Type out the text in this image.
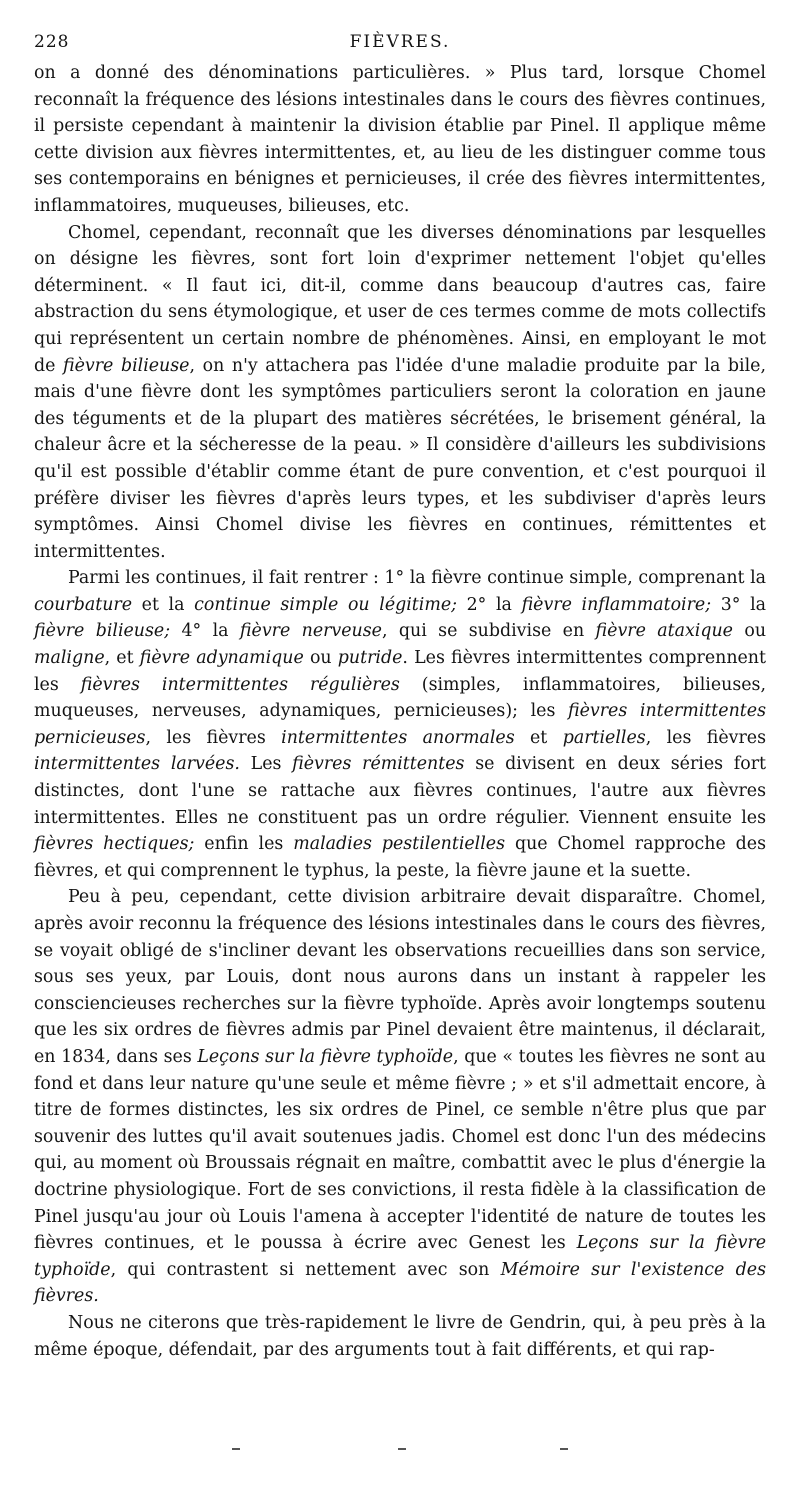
228	FIÈVRES.

on a donné des dénominations particulières. » Plus tard, lorsque Chomel reconnaît la fréquence des lésions intestinales dans le cours des fièvres continues, il persiste cependant à maintenir la division établie par Pinel. Il applique même cette division aux fièvres intermittentes, et, au lieu de les distinguer comme tous ses contemporains en bénignes et pernicieuses, il crée des fièvres intermittentes, inflammatoires, muqueuses, bilieuses, etc.

Chomel, cependant, reconnaît que les diverses dénominations par lesquelles on désigne les fièvres, sont fort loin d'exprimer nettement l'objet qu'elles déterminent. « Il faut ici, dit-il, comme dans beaucoup d'autres cas, faire abstraction du sens étymologique, et user de ces termes comme de mots collectifs qui représentent un certain nombre de phénomènes. Ainsi, en employant le mot de fièvre bilieuse, on n'y attachera pas l'idée d'une maladie produite par la bile, mais d'une fièvre dont les symptômes particuliers seront la coloration en jaune des téguments et de la plupart des matières sécrétées, le brisement général, la chaleur âcre et la sécheresse de la peau. » Il considère d'ailleurs les subdivisions qu'il est possible d'établir comme étant de pure convention, et c'est pourquoi il préfère diviser les fièvres d'après leurs types, et les subdiviser d'après leurs symptômes. Ainsi Chomel divise les fièvres en continues, rémittentes et intermittentes.

Parmi les continues, il fait rentrer : 1° la fièvre continue simple, comprenant la courbature et la continue simple ou légitime; 2° la fièvre inflammatoire; 3° la fièvre bilieuse; 4° la fièvre nerveuse, qui se subdivise en fièvre ataxique ou maligne, et fièvre adynamique ou putride. Les fièvres intermittentes comprennent les fièvres intermittentes régulières (simples, inflammatoires, bilieuses, muqueuses, nerveuses, adynamiques, pernicieuses); les fièvres intermittentes pernicieuses, les fièvres intermittentes anormales et partielles, les fièvres intermittentes larvées. Les fièvres rémittentes se divisent en deux séries fort distinctes, dont l'une se rattache aux fièvres continues, l'autre aux fièvres intermittentes. Elles ne constituent pas un ordre régulier. Viennent ensuite les fièvres hectiques; enfin les maladies pestilentielles que Chomel rapproche des fièvres, et qui comprennent le typhus, la peste, la fièvre jaune et la suette.

Peu à peu, cependant, cette division arbitraire devait disparaître. Chomel, après avoir reconnu la fréquence des lésions intestinales dans le cours des fièvres, se voyait obligé de s'incliner devant les observations recueillies dans son service, sous ses yeux, par Louis, dont nous aurons dans un instant à rappeler les consciencieuses recherches sur la fièvre typhoïde. Après avoir longtemps soutenu que les six ordres de fièvres admis par Pinel devaient être maintenus, il déclarait, en 1834, dans ses Leçons sur la fièvre typhoïde, que « toutes les fièvres ne sont au fond et dans leur nature qu'une seule et même fièvre ; » et s'il admettait encore, à titre de formes distinctes, les six ordres de Pinel, ce semble n'être plus que par souvenir des luttes qu'il avait soutenues jadis. Chomel est donc l'un des médecins qui, au moment où Broussais régnait en maître, combattit avec le plus d'énergie la doctrine physiologique. Fort de ses convictions, il resta fidèle à la classification de Pinel jusqu'au jour où Louis l'amena à accepter l'identité de nature de toutes les fièvres continues, et le poussa à écrire avec Genest les Leçons sur la fièvre typhoïde, qui contrastent si nettement avec son Mémoire sur l'existence des fièvres.

Nous ne citerons que très-rapidement le livre de Gendrin, qui, à peu près à la même époque, défendait, par des arguments tout à fait différents, et qui rap-
